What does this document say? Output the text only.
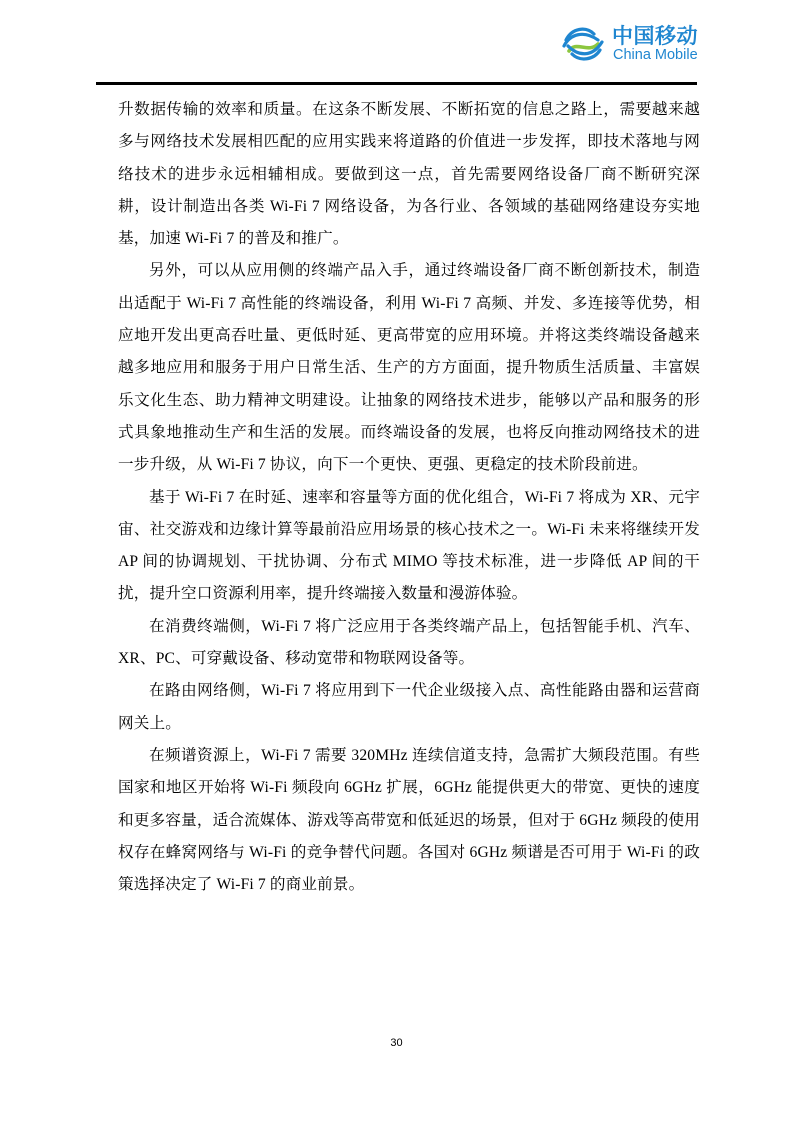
中国移动
China Mobile

升数据传输的效率和质量。在这条不断发展、不断拓宽的信息之路上，需要越来越多与网络技术发展相匹配的应用实践来将道路的价值进一步发挥，即技术落地与网络技术的进步永远相辅相成。要做到这一点，首先需要网络设备厂商不断研究深耕，设计制造出各类 Wi-Fi 7 网络设备，为各行业、各领域的基础网络建设夯实地基，加速 Wi-Fi 7 的普及和推广。

另外，可以从应用侧的终端产品入手，通过终端设备厂商不断创新技术，制造出适配于 Wi-Fi 7 高性能的终端设备，利用 Wi-Fi 7 高频、并发、多连接等优势，相应地开发出更高吞吐量、更低时延、更高带宽的应用环境。并将这类终端设备越来越多地应用和服务于用户日常生活、生产的方方面面，提升物质生活质量、丰富娱乐文化生态、助力精神文明建设。让抽象的网络技术进步，能够以产品和服务的形式具象地推动生产和生活的发展。而终端设备的发展，也将反向推动网络技术的进一步升级，从 Wi-Fi 7 协议，向下一个更快、更强、更稳定的技术阶段前进。

基于 Wi-Fi 7 在时延、速率和容量等方面的优化组合，Wi-Fi 7 将成为 XR、元宇宙、社交游戏和边缘计算等最前沿应用场景的核心技术之一。Wi-Fi 未来将继续开发 AP 间的协调规划、干扰协调、分布式 MIMO 等技术标准，进一步降低 AP 间的干扰，提升空口资源利用率，提升终端接入数量和漫游体验。

在消费终端侧，Wi-Fi 7 将广泛应用于各类终端产品上，包括智能手机、汽车、XR、PC、可穿戴设备、移动宽带和物联网设备等。

在路由网络侧，Wi-Fi 7 将应用到下一代企业级接入点、高性能路由器和运营商网关上。

在频谱资源上，Wi-Fi 7 需要 320MHz 连续信道支持，急需扩大频段范围。有些国家和地区开始将 Wi-Fi 频段向 6GHz 扩展，6GHz 能提供更大的带宽、更快的速度和更多容量，适合流媒体、游戏等高带宽和低延迟的场景，但对于 6GHz 频段的使用权存在蜂窝网络与 Wi-Fi 的竞争替代问题。各国对 6GHz 频谱是否可用于 Wi-Fi 的政策选择决定了 Wi-Fi 7 的商业前景。

30
